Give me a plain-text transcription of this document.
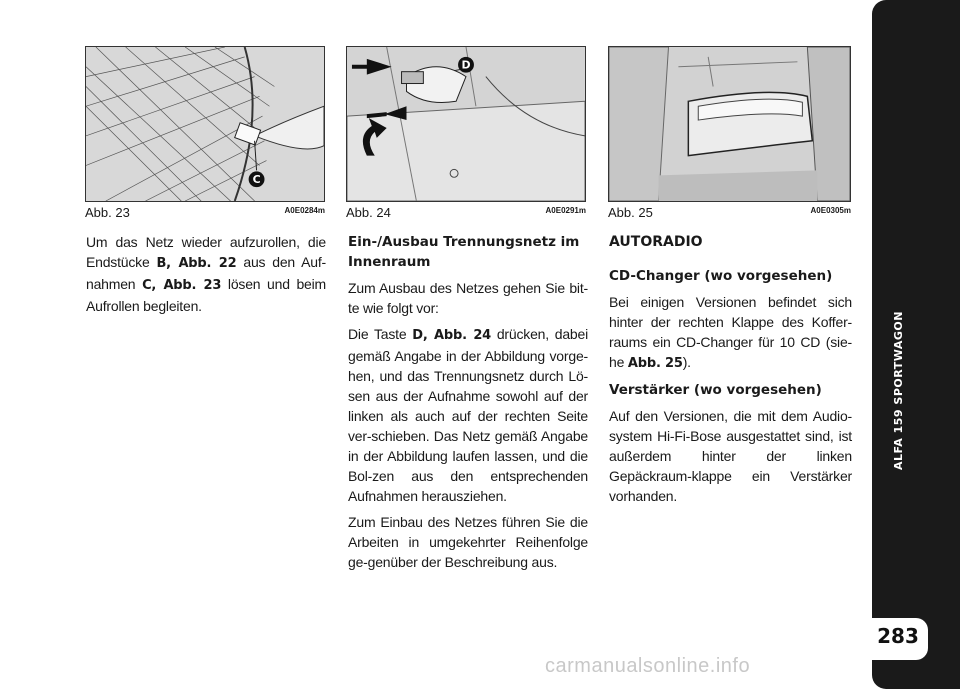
ALFA 159 SPORTWAGON
283
C
Abb. 23	A0E0284m
D
Abb. 24	A0E0291m Abb. 25	A0E0305m

Um das Netz wieder aufzurollen, die Endstücke B, Abb. 22 aus den Auf-nahmen C, Abb. 23 lösen und beim Aufrollen begleiten.

Ein-/Ausbau Trennungsnetz im Innenraum

Zum Ausbau des Netzes gehen Sie bit-te wie folgt vor:

Die Taste D, Abb. 24 drücken, dabei gemäß Angabe in der Abbildung vorge-hen, und das Trennungsnetz durch Lö-sen aus der Aufnahme sowohl auf der linken als auch auf der rechten Seite ver-schieben. Das Netz gemäß Angabe in der Abbildung laufen lassen, und die Bol-zen aus den entsprechenden Aufnahmen herausziehen.

Zum Einbau des Netzes führen Sie die Arbeiten in umgekehrter Reihenfolge ge-genüber der Beschreibung aus.

AUTORADIO
CD-Changer (wo vorgesehen)

Bei einigen Versionen befindet sich hinter der rechten Klappe des Koffer-raums ein CD-Changer für 10 CD (sie-he Abb. 25).

Verstärker (wo vorgesehen)

Auf den Versionen, die mit dem Audio-system Hi-Fi-Bose ausgestattet sind, ist außerdem hinter der linken Gepäckraum-klappe ein Verstärker vorhanden.

carmanualsonline.info
